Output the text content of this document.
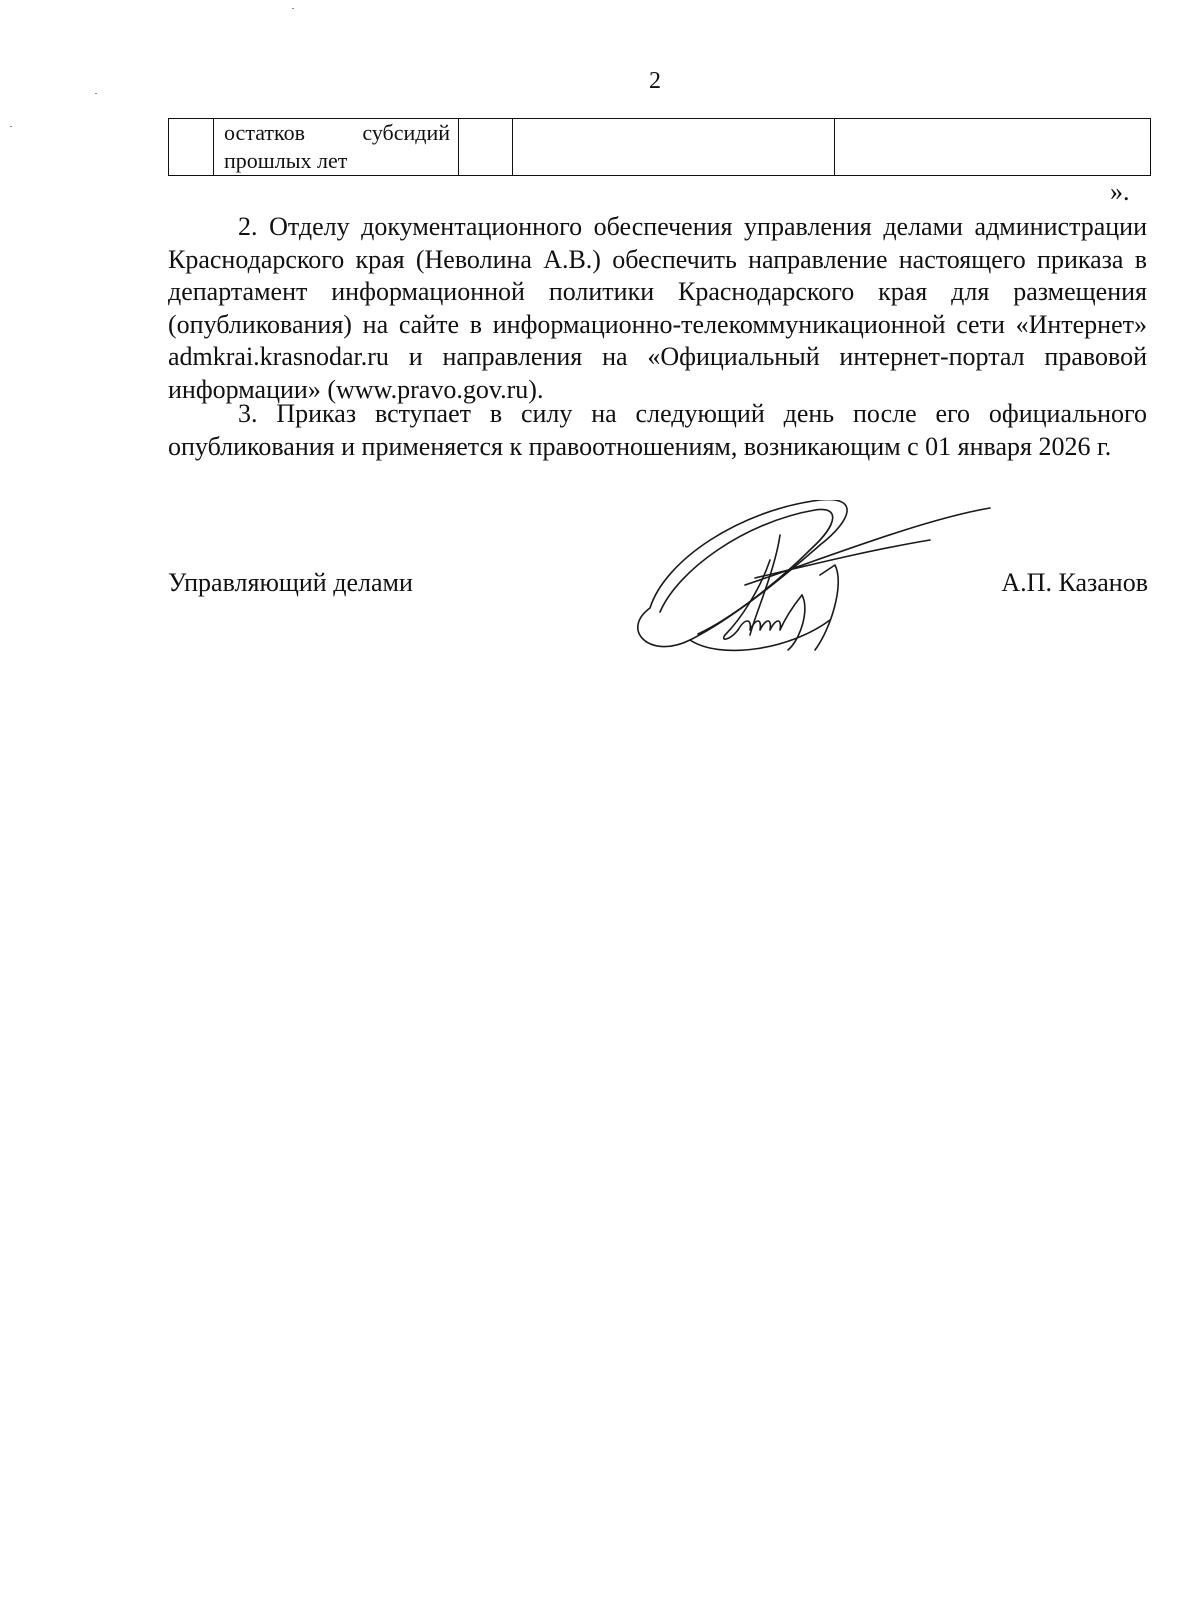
2

остатков	субсидий
прошлых лет

».

2. Отделу документационного обеспечения управления делами администрации Краснодарского края (Неволина А.В.) обеспечить направление настоящего приказа в департамент информационной политики Краснодарского края для размещения (опубликования) на сайте в информационно-телекоммуникационной сети «Интернет» admkrai.krasnodar.ru и направления на «Официальный интернет-портал правовой информации» (www.pravo.gov.ru).

3. Приказ вступает в силу на следующий день после его официального опубликования и применяется к правоотношениям, возникающим с 01 января 2026 г.

Управляющий делами	А.П. Казанов
